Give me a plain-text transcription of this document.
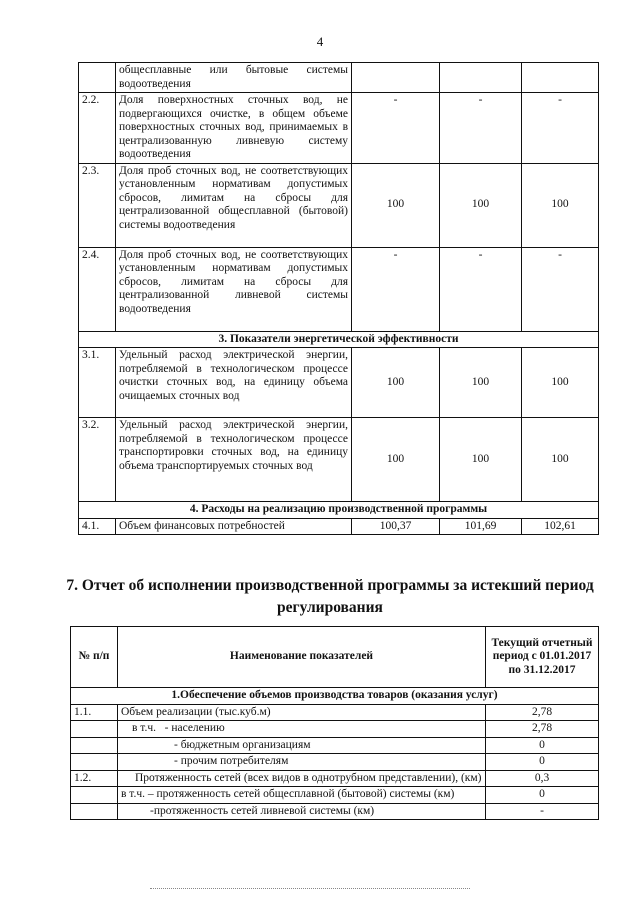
4
	общесплавные или бытовые системы водоотведения			
2.2.	Доля поверхностных сточных вод, не подвергающихся очистке, в общем объеме поверхностных сточных вод, принимаемых в централизованную ливневую систему водоотведения	-	-	-
2.3.	Доля проб сточных вод, не соответствующих установленным нормативам допустимых сбросов, лимитам на сбросы для централизованной общесплавной (бытовой) системы водоотведения	100	100	100
2.4.	Доля проб сточных вод, не соответствующих установленным нормативам допустимых сбросов, лимитам на сбросы для централизованной ливневой системы водоотведения	-	-	-
3. Показатели энергетической эффективности				
3.1.	Удельный расход электрической энергии, потребляемой в технологическом процессе очистки сточных вод, на единицу объема очищаемых сточных вод	100	100	100
3.2.	Удельный расход электрической энергии, потребляемой в технологическом процессе транспортировки сточных вод, на единицу объема транспортируемых сточных вод	100	100	100
4. Расходы на реализацию производственной программы				
4.1.	Объем финансовых потребностей	100,37	101,69	102,61
7. Отчет об исполнении производственной программы за истекший период регулирования
№ п/п	Наименование показателей	Текущий отчетный период с 01.01.2017 по 31.12.2017
1.Обеспечение объемов производства товаров (оказания услуг)		
1.1.	Объем реализации (тыс.куб.м)	2,78
	в т.ч.   - населению	2,78
	- бюджетным организациям	0
	- прочим потребителям	0
1.2.	Протяженность сетей (всех видов в однотрубном представлении), (км)	0,3
	в т.ч. – протяженность сетей общесплавной (бытовой) системы (км)	0
	-протяженность сетей ливневой системы (км)	-
